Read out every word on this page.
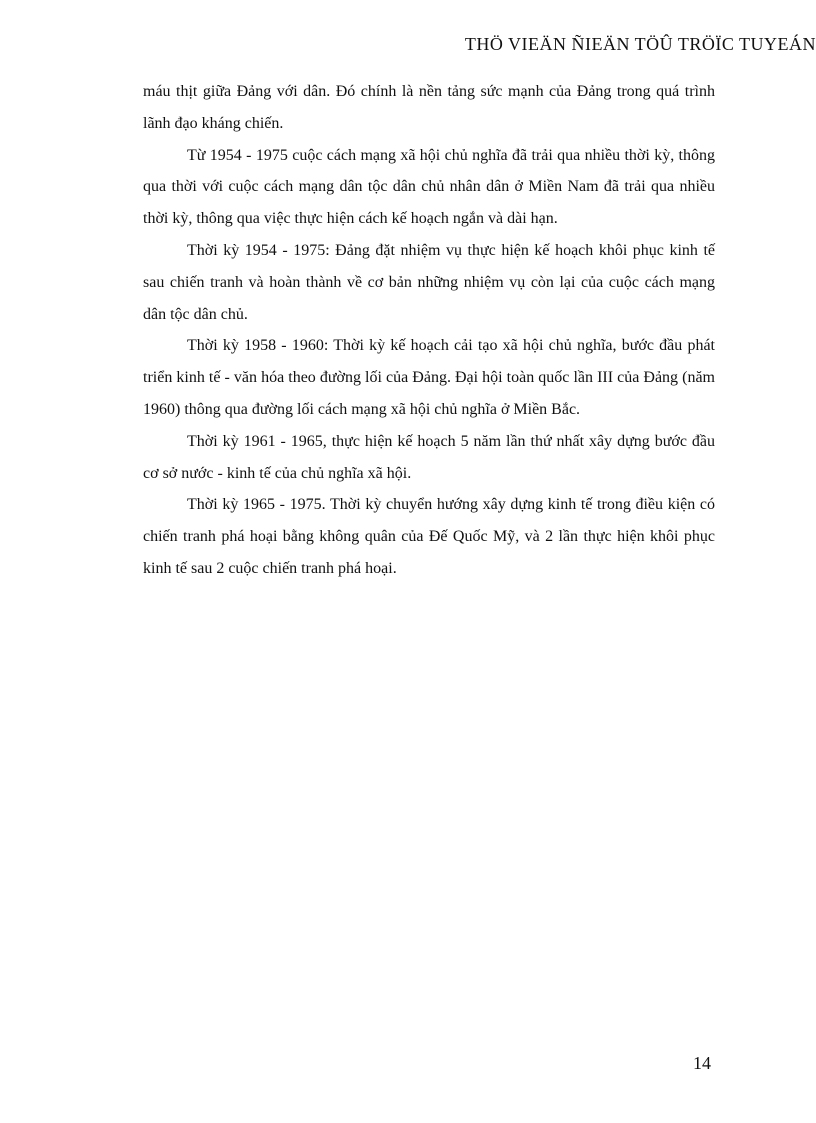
THÖ VIEÄN ÑIEÄN TÖÛ TRÖÏC TUYEÁN

máu thịt giữa Đảng với dân. Đó chính là nền tảng sức mạnh của Đảng trong quá trình lãnh đạo kháng chiến.

Từ 1954 - 1975 cuộc cách mạng xã hội chủ nghĩa đã trải qua nhiều thời kỳ, thông qua thời với cuộc cách mạng dân tộc dân chủ nhân dân ở Miền Nam đã trải qua nhiều thời kỳ, thông qua việc thực hiện cách kế hoạch ngắn và dài hạn.

Thời kỳ 1954 - 1975: Đảng đặt nhiệm vụ thực hiện kế hoạch khôi phục kinh tế sau chiến tranh và hoàn thành về cơ bản những nhiệm vụ còn lại của cuộc cách mạng dân tộc dân chủ.

Thời kỳ 1958 - 1960: Thời kỳ kế hoạch cải tạo xã hội chủ nghĩa, bước đầu phát triển kinh tế - văn hóa theo đường lối của Đảng. Đại hội toàn quốc lần III của Đảng (năm 1960) thông qua đường lối cách mạng xã hội chủ nghĩa ở Miền Bắc.

Thời kỳ 1961 - 1965, thực hiện kế hoạch 5 năm lần thứ nhất xây dựng bước đầu cơ sở nước - kinh tế của chủ nghĩa xã hội.

Thời kỳ 1965 - 1975. Thời kỳ chuyển hướng xây dựng kinh tế trong điều kiện có chiến tranh phá hoại bằng không quân của Đế Quốc Mỹ, và 2 lần thực hiện khôi phục kinh tế sau 2 cuộc chiến tranh phá hoại.

14
